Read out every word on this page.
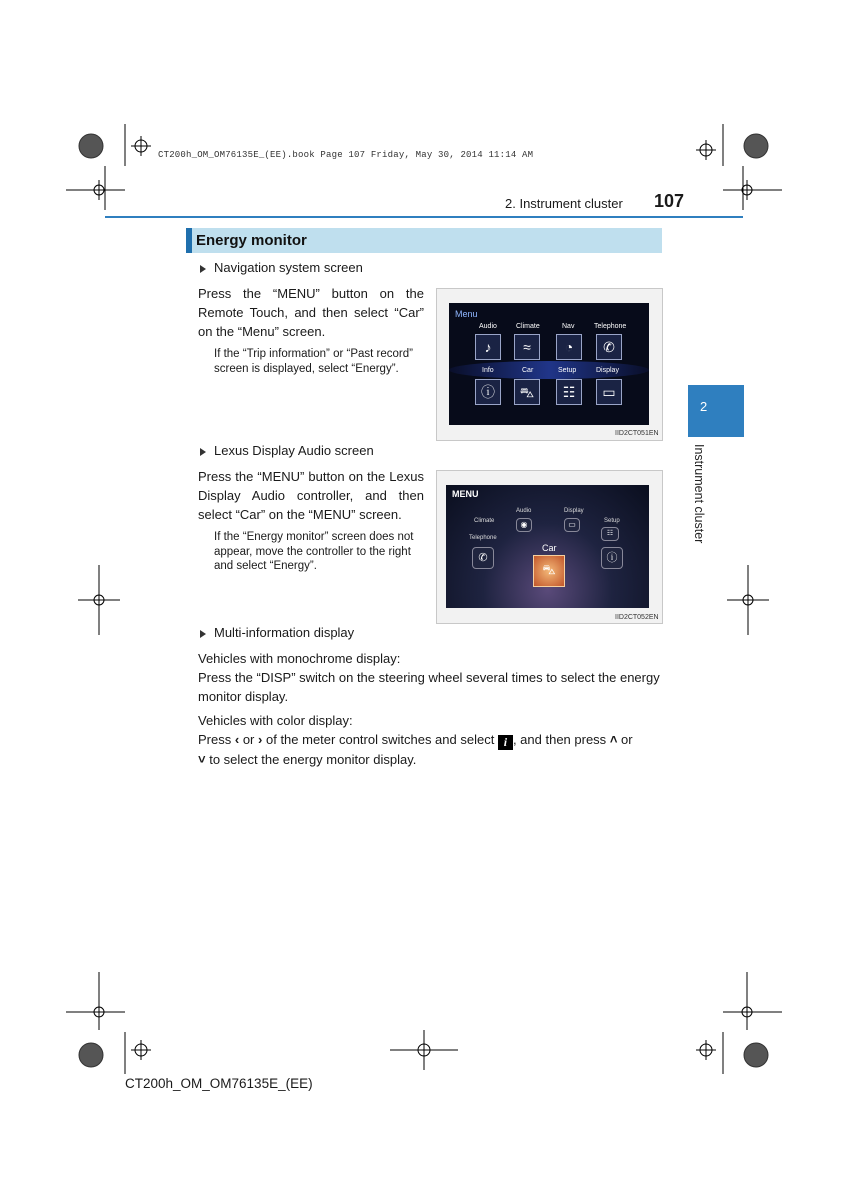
CT200h_OM_OM76135E_(EE).book Page 107 Friday, May 30, 2014 11:14 AM
2. Instrument cluster 107
2
Instrument cluster
Energy monitor
Navigation system screen
Press the “MENU” button on the Remote Touch, and then select “Car” on the “Menu” screen.
If the “Trip information” or “Past record” screen is displayed, select “Energy”.
Menu
Audio	Climate	Nav	Telephone
♪	≈	◔	✆
Info	Car	Setup	Display
ⓘ	⛍	☷	▭
IID2CT051EN
Lexus Display Audio screen
Press the “MENU” button on the Lexus Display Audio controller, and then select “Car” on the “MENU” screen.
If the “Energy monitor” screen does not appear, move the controller to the right and select “Energy”.
MENU
Audio	Display
Climate	Setup
Telephone
Car
◉	▭
✆	ⓘ
☷
⛍
IID2CT052EN
Multi-information display
Vehicles with monochrome display:
Press the “DISP” switch on the steering wheel several times to select the energy monitor display.
Vehicles with color display:
Press ‹ or › of the meter control switches and select i , and then press ˄ or
˅ to select the energy monitor display.
CT200h_OM_OM76135E_(EE)
